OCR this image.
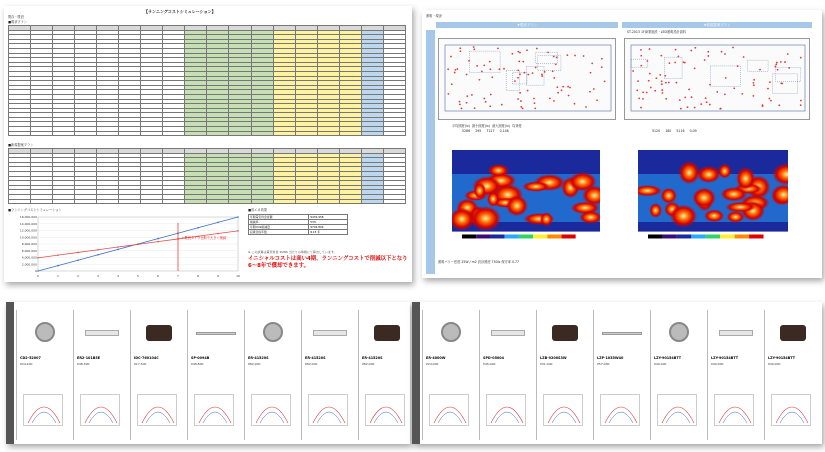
【ランニングコストシミュレーション】
既存・既設
■現状プラン

■新規提案プラン

■ランニングコストシミュレーション
16,000,000
14,000,000
12,000,000
10,000,000
8,000,000
6,000,000
4,000,000
2,000,000
0
0	1	2	3	4	5	6	7	8	9	10
←既設タイプ比較で大きく削減
■省エネ効果
年間電気料金差額	¥476,958
削減率	53%
年間CO2削減量	¥702,804
投資回収年数	8.15 年
※ この試算は電気料金 1kWh 当たりの単価にて算出しています。
イニシャルコストは高い4期、ランニングコストで削減以下となり
6～8年で償却できます。
照明・現況
★現状プラン	★新規提案プラン
ST-2013 1F商業施設・LED照明設計資料
平均照度(lx) 最小照度(lx) 最大照度(lx) 均斉度
5286 295 7127 0.146	5120 180 5116 0.09
照明パワー密度 25W / m2 設計照度 750lx 保守率 0.77
CD2-52007
¥24,400
ER2-101B5E
¥48,300
IDC-760104C
¥17,500
SP-0094B
¥48,800
ER-41520S
¥82,000
ER-41520S
¥82,000
ER-41520S
¥82,000
ER-4000W
¥24,000
SPD-05004
¥45,000
LZB-9200S3W
¥31,000
LZP-1035W40
¥57,000
LZY-90154BTT
¥40,000
LZY-90154BTT
¥40,000
LZY-90154BTT
¥40,000
